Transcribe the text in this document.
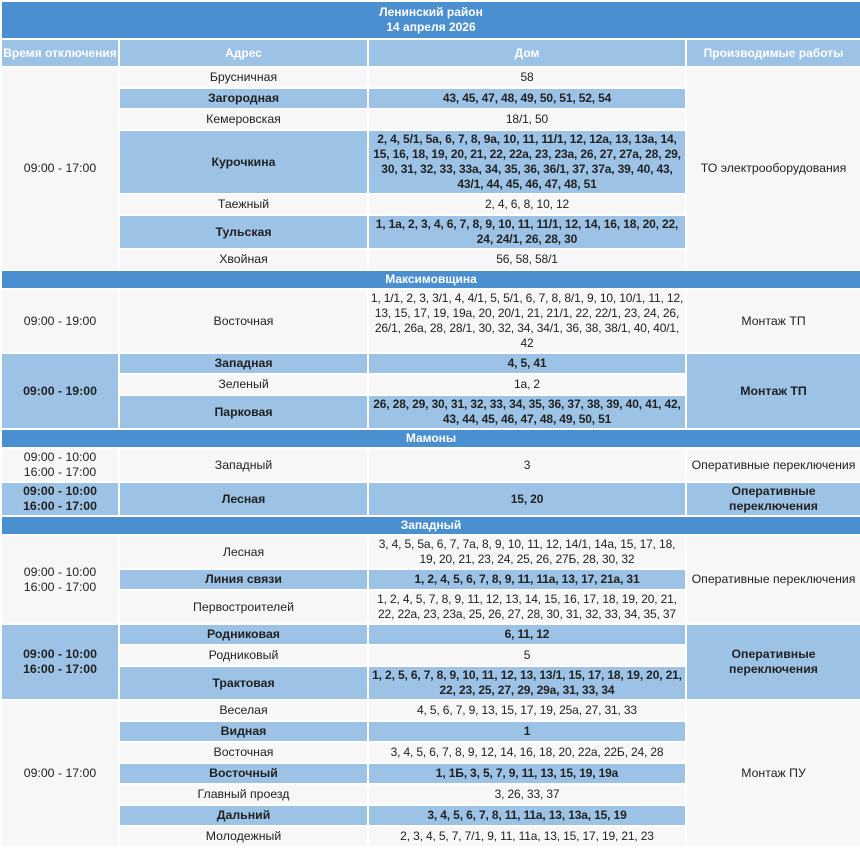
Ленинский район
14 апреля 2026			
Время отключения	Адрес	Дом	Производимые работы
09:00 - 17:00	Брусничная	58	ТО электрооборудования
	Загородная	43, 45, 47, 48, 49, 50, 51, 52, 54	
	Кемеровская	18/1, 50	
	Курочкина	2, 4, 5/1, 5а, 6, 7, 8, 9а, 10, 11, 11/1, 12, 12а, 13, 13а, 14, 15, 16, 18, 19, 20, 21, 22, 22а, 23, 23а, 26, 27, 27а, 28, 29, 30, 31, 32, 33, 33а, 34, 35, 36, 36/1, 37, 37а, 39, 40, 43, 43/1, 44, 45, 46, 47, 48, 51	
	Таежный	2, 4, 6, 8, 10, 12	
	Тульская	1, 1а, 2, 3, 4, 6, 7, 8, 9, 10, 11, 11/1, 12, 14, 16, 18, 20, 22, 24, 24/1, 26, 28, 30	
	Хвойная	56, 58, 58/1	
Максимовщина			
09:00 - 19:00	Восточная	1, 1/1, 2, 3, 3/1, 4, 4/1, 5, 5/1, 6, 7, 8, 8/1, 9, 10, 10/1, 11, 12, 13, 15, 17, 19, 19а, 20, 20/1, 21, 21/1, 22, 22/1, 23, 24, 26, 26/1, 26а, 28, 28/1, 30, 32, 34, 34/1, 36, 38, 38/1, 40, 40/1, 42	Монтаж ТП
09:00 - 19:00	Западная	4, 5, 41	Монтаж ТП
	Зеленый	1а, 2	
	Парковая	26, 28, 29, 30, 31, 32, 33, 34, 35, 36, 37, 38, 39, 40, 41, 42, 43, 44, 45, 46, 47, 48, 49, 50, 51	
Мамоны			
09:00 - 10:00
16:00 - 17:00	Западный	3	Оперативные переключения
09:00 - 10:00
16:00 - 17:00	Лесная	15, 20	Оперативные переключения
Западный			
09:00 - 10:00
16:00 - 17:00	Лесная	3, 4, 5, 5а, 6, 7, 7а, 8, 9, 10, 11, 12, 14/1, 14а, 15, 17, 18, 19, 20, 21, 23, 24, 25, 26, 27Б, 28, 30, 32	Оперативные переключения
	Линия связи	1, 2, 4, 5, 6, 7, 8, 9, 11, 11а, 13, 17, 21а, 31	
	Первостроителей	1, 2, 4, 5, 7, 8, 9, 11, 12, 13, 14, 15, 16, 17, 18, 19, 20, 21, 22, 22а, 23, 23а, 25, 26, 27, 28, 30, 31, 32, 33, 34, 35, 37	
09:00 - 10:00
16:00 - 17:00	Родниковая	6, 11, 12	Оперативные переключения
	Родниковый	5	
	Трактовая	1, 2, 5, 6, 7, 8, 9, 10, 11, 12, 13, 13/1, 15, 17, 18, 19, 20, 21, 22, 23, 25, 27, 29, 29а, 31, 33, 34	
09:00 - 17:00	Веселая	4, 5, 6, 7, 9, 13, 15, 17, 19, 25а, 27, 31, 33	Монтаж ПУ
	Видная	1	
	Восточная	3, 4, 5, 6, 7, 8, 9, 12, 14, 16, 18, 20, 22а, 22Б, 24, 28	
	Восточный	1, 1Б, 3, 5, 7, 9, 11, 13, 15, 19, 19а	
	Главный проезд	3, 26, 33, 37	
	Дальний	3, 4, 5, 6, 7, 8, 11, 11а, 13, 13а, 15, 19	
	Молодежный	2, 3, 4, 5, 7, 7/1, 9, 11, 11а, 13, 15, 17, 19, 21, 23	
